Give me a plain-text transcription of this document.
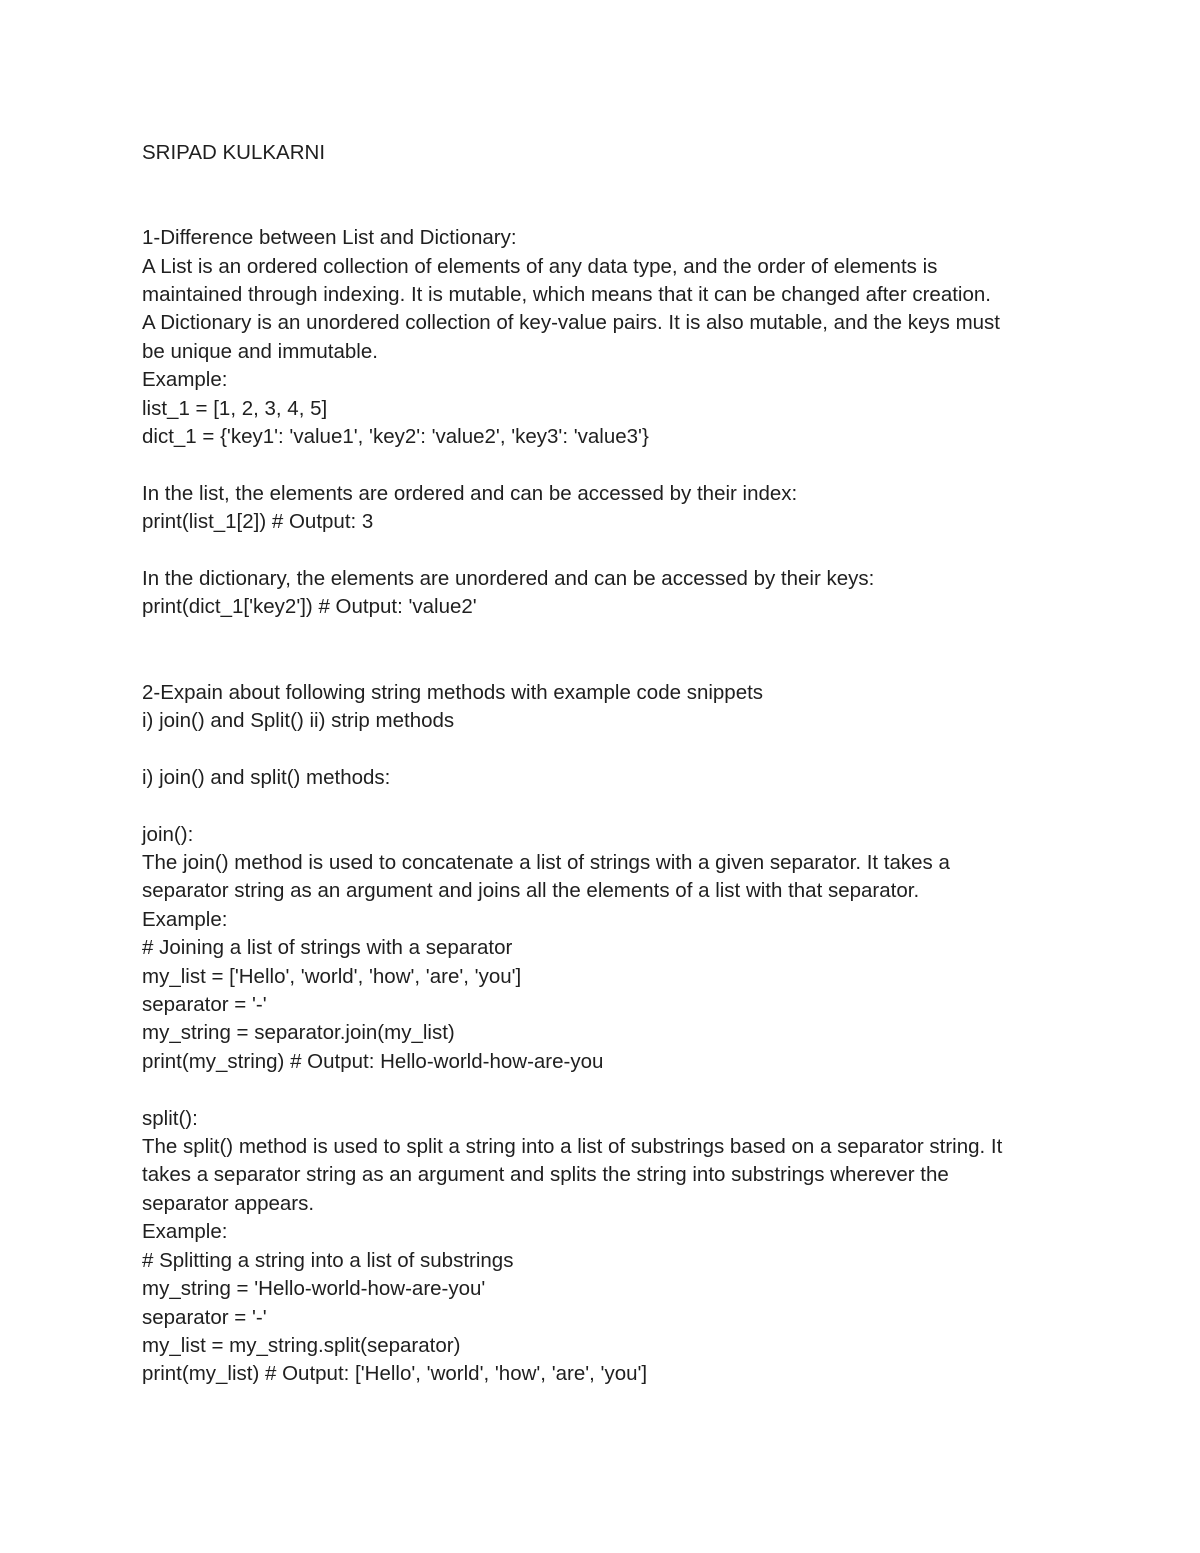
SRIPAD KULKARNI
1-Difference between List and Dictionary:
A List is an ordered collection of elements of any data type, and the order of elements is
maintained through indexing. It is mutable, which means that it can be changed after creation.
A Dictionary is an unordered collection of key-value pairs. It is also mutable, and the keys must
be unique and immutable.
Example:
list_1 = [1, 2, 3, 4, 5]
dict_1 = {'key1': 'value1', 'key2': 'value2', 'key3': 'value3'}
In the list, the elements are ordered and can be accessed by their index:
print(list_1[2]) # Output: 3
In the dictionary, the elements are unordered and can be accessed by their keys:
print(dict_1['key2']) # Output: 'value2'
2-Expain about following string methods with example code snippets
i) join() and Split() ii) strip methods
i) join() and split() methods:
join():
The join() method is used to concatenate a list of strings with a given separator. It takes a
separator string as an argument and joins all the elements of a list with that separator.
Example:
# Joining a list of strings with a separator
my_list = ['Hello', 'world', 'how', 'are', 'you']
separator = '-'
my_string = separator.join(my_list)
print(my_string) # Output: Hello-world-how-are-you
split():
The split() method is used to split a string into a list of substrings based on a separator string. It
takes a separator string as an argument and splits the string into substrings wherever the
separator appears.
Example:
# Splitting a string into a list of substrings
my_string = 'Hello-world-how-are-you'
separator = '-'
my_list = my_string.split(separator)
print(my_list) # Output: ['Hello', 'world', 'how', 'are', 'you']
